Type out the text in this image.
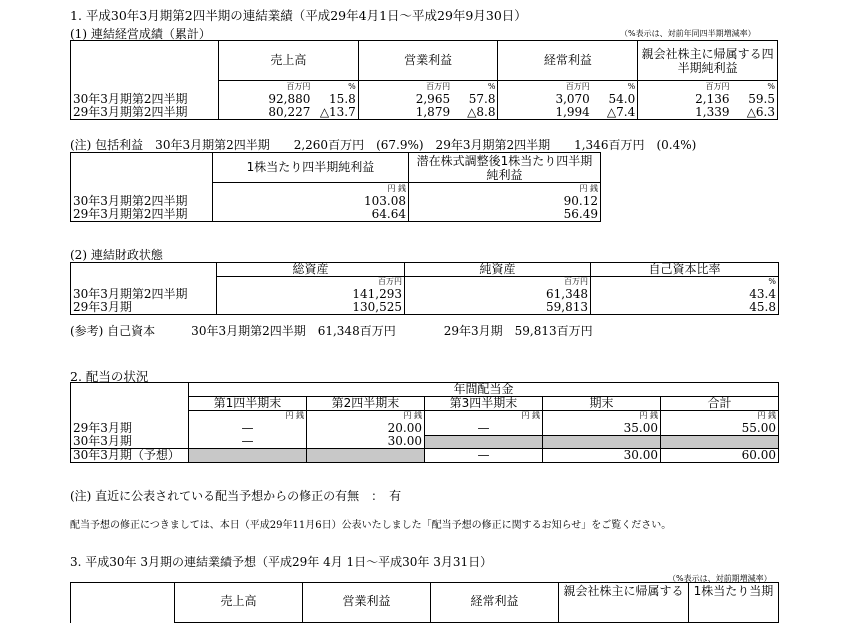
1. 平成30年3月期第2四半期の連結業績（平成29年4月1日～平成29年9月30日）
(1) 連結経営成績（累計）	（%表示は、対前年同四半期増減率）
	売上高		営業利益		経常利益		親会社株主に帰属する四半期純利益	
	百万円	%	百万円	%	百万円	%	百万円	%
30年3月期第2四半期	92,880	15.8	2,965	57.8	3,070	54.0	2,136	59.5
29年3月期第2四半期	80,227	△13.7	1,879	△8.8	1,994	△7.4	1,339	△6.3
(注) 包括利益　30年3月期第2四半期　　2,260百万円　(67.9%)　29年3月期第2四半期　　1,346百万円　(0.4%)
	1株当たり四半期純利益	潜在株式調整後1株当たり四半期純利益
	円 銭	円 銭
30年3月期第2四半期	103.08	90.12
29年3月期第2四半期	64.64	56.49
(2) 連結財政状態
	総資産	純資産	自己資本比率
	百万円	百万円	%
30年3月期第2四半期	141,293	61,348	43.4
29年3月期	130,525	59,813	45.8
(参考) 自己資本　　　30年3月期第2四半期　61,348百万円　　　　29年3月期　59,813百万円
2. 配当の状況
	年間配当金				
	第1四半期末	第2四半期末	第3四半期末	期末	合計
	円 銭	円 銭	円 銭	円 銭	円 銭
29年3月期	—	20.00	—	35.00	55.00
30年3月期	—	30.00			
30年3月期（予想）			—	30.00	60.00
(注) 直近に公表されている配当予想からの修正の有無　：　有
配当予想の修正につきましては、本日（平成29年11月6日）公表いたしました「配当予想の修正に関するお知らせ」をご覧ください。
3. 平成30年 3月期の連結業績予想（平成29年 4月 1日～平成30年 3月31日）
（%表示は、対前期増減率）
	売上高	営業利益	経常利益	親会社株主に帰属する	1株当たり当期
